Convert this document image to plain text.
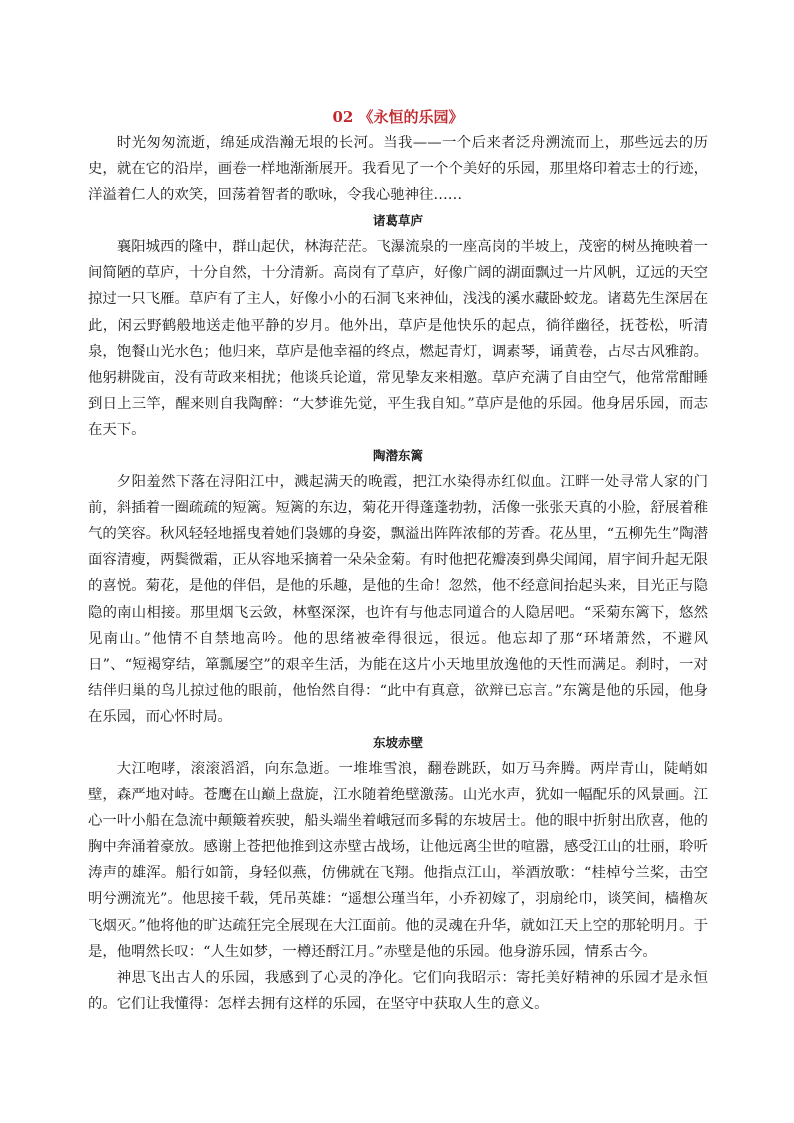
02 《永恒的乐园》

时光匆匆流逝，绵延成浩瀚无垠的长河。当我——一个后来者泛舟溯流而上，那些远去的历史，就在它的沿岸，画卷一样地渐渐展开。我看见了一个个美好的乐园，那里烙印着志士的行迹，洋溢着仁人的欢笑，回荡着智者的歌咏，令我心驰神往……

诸葛草庐

襄阳城西的隆中，群山起伏，林海茫茫。飞瀑流泉的一座高岗的半坡上，茂密的树丛掩映着一间简陋的草庐，十分自然，十分清新。高岗有了草庐，好像广阔的湖面飘过一片风帆，辽远的天空掠过一只飞雁。草庐有了主人，好像小小的石洞飞来神仙，浅浅的溪水藏卧蛟龙。诸葛先生深居在此，闲云野鹤般地送走他平静的岁月。他外出，草庐是他快乐的起点，徜徉幽径，抚苍松，听清泉，饱餐山光水色；他归来，草庐是他幸福的终点，燃起青灯，调素琴，诵黄卷，占尽古风雅韵。他躬耕陇亩，没有苛政来相扰；他谈兵论道，常见挚友来相邀。草庐充满了自由空气，他常常酣睡到日上三竿，醒来则自我陶醉：“大梦谁先觉，平生我自知。”草庐是他的乐园。他身居乐园，而志在天下。

陶潜东篱

夕阳羞然下落在浔阳江中，溅起满天的晚霞，把江水染得赤红似血。江畔一处寻常人家的门前，斜插着一圈疏疏的短篱。短篱的东边，菊花开得蓬蓬勃勃，活像一张张天真的小脸，舒展着稚气的笑容。秋风轻轻地摇曳着她们袅娜的身姿，飘溢出阵阵浓郁的芳香。花丛里，“五柳先生”陶潜面容清瘦，两鬓微霜，正从容地采摘着一朵朵金菊。有时他把花瓣凑到鼻尖闻闻，眉宇间升起无限的喜悦。菊花，是他的伴侣，是他的乐趣，是他的生命！忽然，他不经意间抬起头来，目光正与隐隐的南山相接。那里烟飞云敛，林壑深深，也许有与他志同道合的人隐居吧。“采菊东篱下，悠然见南山。”他情不自禁地高吟。他的思绪被牵得很远，很远。他忘却了那“环堵萧然，不避风日”、“短褐穿结，箪瓢屡空”的艰辛生活，为能在这片小天地里放逸他的天性而满足。刹时，一对结伴归巢的鸟儿掠过他的眼前，他怡然自得：“此中有真意，欲辩已忘言。”东篱是他的乐园，他身在乐园，而心怀时局。

东坡赤壁

大江咆哮，滚滚滔滔，向东急逝。一堆堆雪浪，翻卷跳跃，如万马奔腾。两岸青山，陡峭如壁，森严地对峙。苍鹰在山巅上盘旋，江水随着绝壁激荡。山光水声，犹如一幅配乐的风景画。江心一叶小船在急流中颠簸着疾驶，船头端坐着峨冠而多髯的东坡居士。他的眼中折射出欣喜，他的胸中奔涌着豪放。感谢上苍把他推到这赤壁古战场，让他远离尘世的喧嚣，感受江山的壮丽，聆听涛声的雄浑。船行如箭，身轻似燕，仿佛就在飞翔。他指点江山，举酒放歌：“桂棹兮兰桨，击空明兮溯流光”。他思接千载，凭吊英雄：“遥想公瑾当年，小乔初嫁了，羽扇纶巾，谈笑间，樯橹灰飞烟灭。”他将他的旷达疏狂完全展现在大江面前。他的灵魂在升华，就如江天上空的那轮明月。于是，他喟然长叹：“人生如梦，一樽还酹江月。”赤壁是他的乐园。他身游乐园，情系古今。

神思飞出古人的乐园，我感到了心灵的净化。它们向我昭示：寄托美好精神的乐园才是永恒的。它们让我懂得：怎样去拥有这样的乐园，在坚守中获取人生的意义。
